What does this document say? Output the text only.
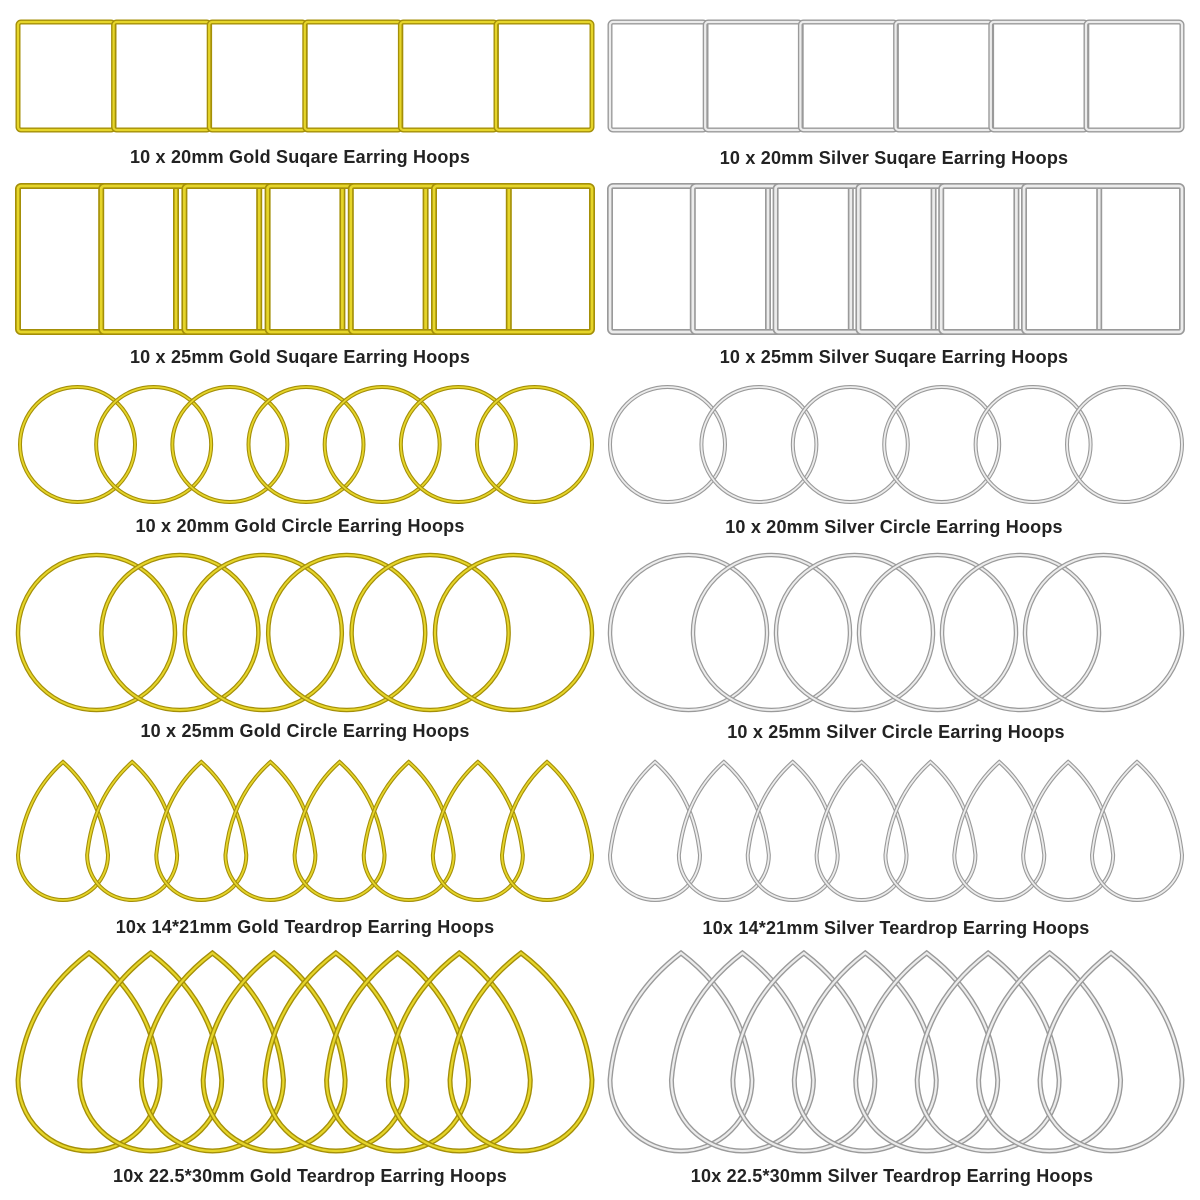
10 x 20mm Gold Suqare Earring Hoops	10 x 20mm Silver Suqare Earring Hoops
10 x 25mm Gold Suqare Earring Hoops	10 x 25mm Silver Suqare Earring Hoops
10 x 20mm Gold Circle Earring Hoops	10 x 20mm Silver Circle Earring Hoops
10 x 25mm Gold Circle Earring Hoops	10 x 25mm Silver Circle Earring Hoops
10x 14*21mm Gold Teardrop Earring Hoops	10x 14*21mm Silver Teardrop Earring Hoops
10x 22.5*30mm Gold Teardrop Earring Hoops	10x 22.5*30mm Silver Teardrop Earring Hoops
